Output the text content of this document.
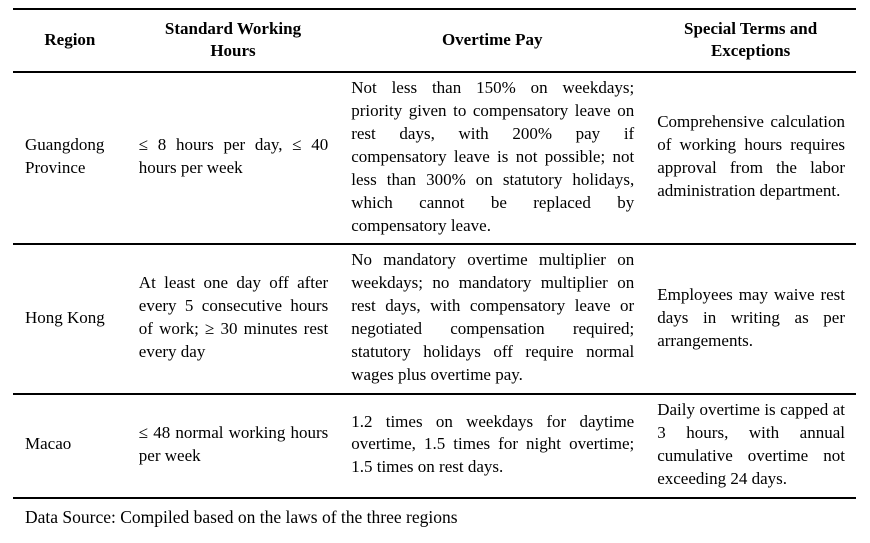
Region	Standard Working Hours	Overtime Pay	Special Terms and Exceptions
Guangdong Province	≤ 8 hours per day, ≤ 40 hours per week	Not less than 150% on weekdays; priority given to compensatory leave on rest days, with 200% pay if compensatory leave is not possible; not less than 300% on statutory holidays, which cannot be replaced by compensatory leave.	Comprehensive calculation of working hours requires approval from the labor administration department.
Hong Kong	At least one day off after every 5 consecutive hours of work; ≥ 30 minutes rest every day	No mandatory overtime multiplier on weekdays; no mandatory multiplier on rest days, with compensatory leave or negotiated compensation required; statutory holidays off require normal wages plus overtime pay.	Employees may waive rest days in writing as per arrangements.
Macao	≤ 48 normal working hours per week	1.2 times on weekdays for daytime overtime, 1.5 times for night overtime; 1.5 times on rest days.	Daily overtime is capped at 3 hours, with annual cumulative overtime not exceeding 24 days.
Data Source: Compiled based on the laws of the three regions
